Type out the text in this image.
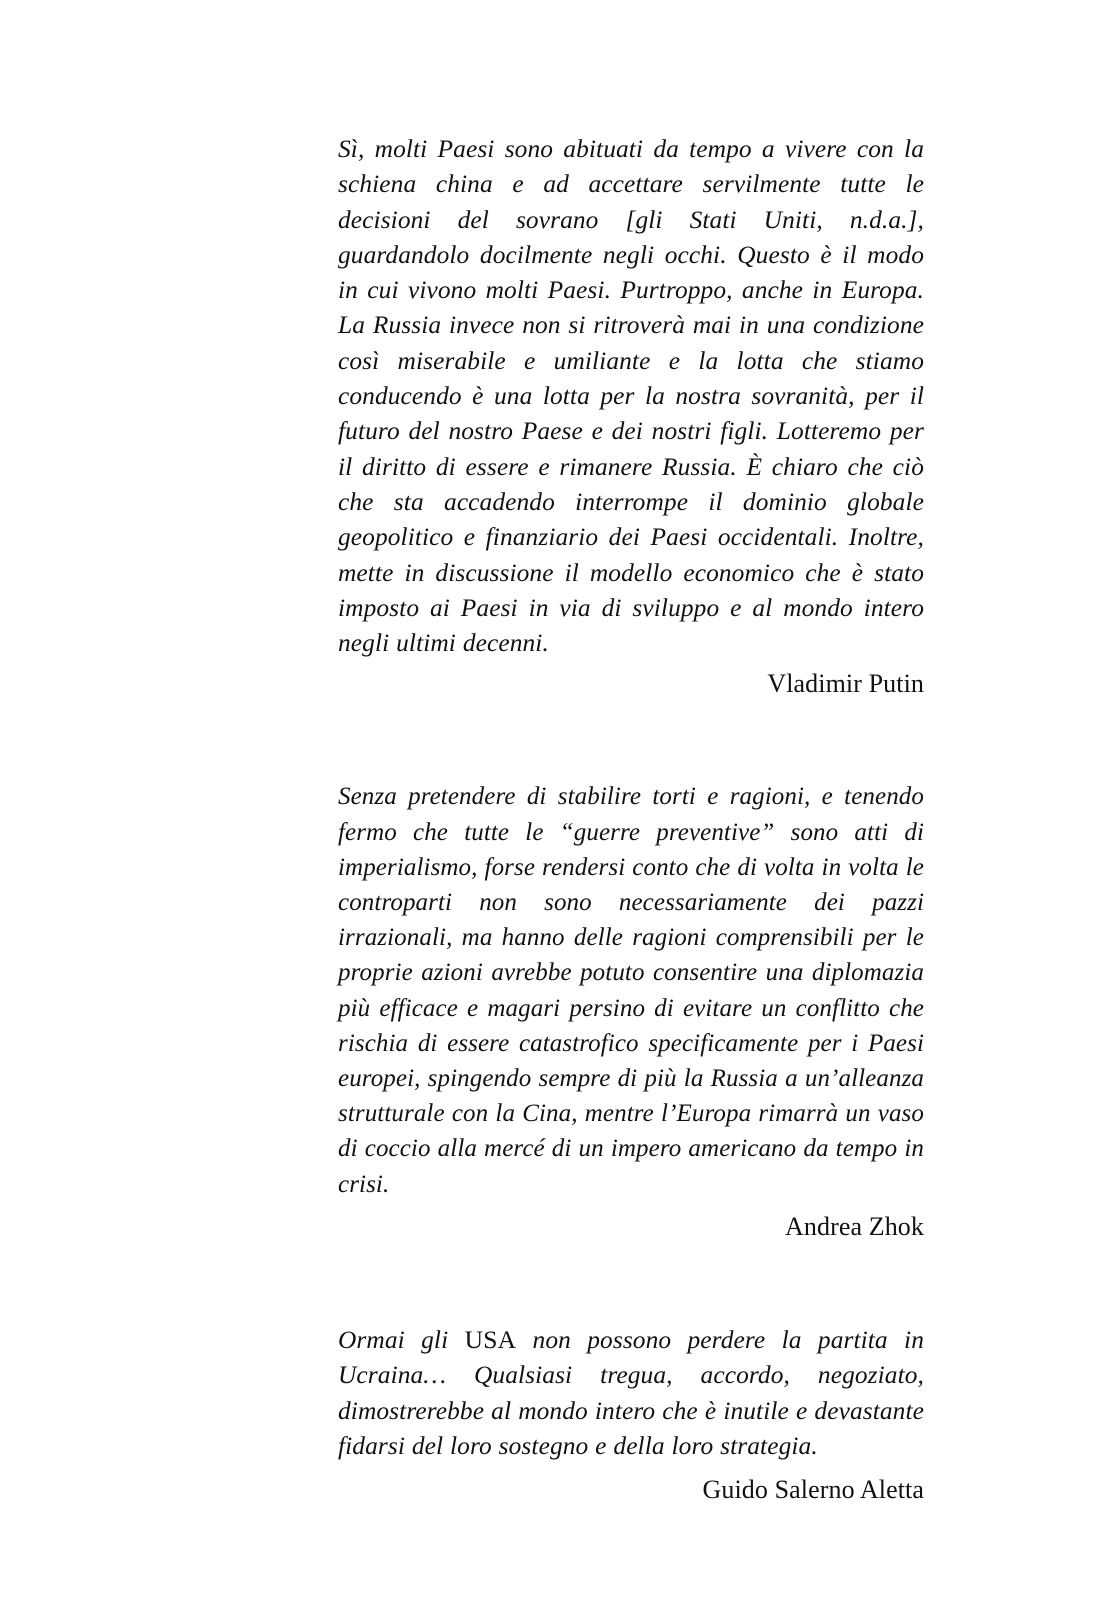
Sì, molti Paesi sono abituati da tempo a vivere con la schiena china e ad accettare servilmente tutte le decisioni del sovrano [gli Stati Uniti, n.d.a.], guardandolo docilmente negli occhi. Questo è il modo in cui vivono molti Paesi. Purtroppo, anche in Europa. La Russia invece non si ritroverà mai in una condizione così miserabile e umiliante e la lotta che stiamo conducendo è una lotta per la nostra sovranità, per il futuro del nostro Paese e dei nostri figli. Lotteremo per il diritto di essere e rimanere Russia. È chiaro che ciò che sta accadendo interrompe il dominio globale geopolitico e finanziario dei Paesi occidentali. Inoltre, mette in discussione il modello economico che è stato imposto ai Paesi in via di sviluppo e al mondo intero negli ultimi decenni.

Vladimir Putin

Senza pretendere di stabilire torti e ragioni, e tenendo fermo che tutte le “guerre preventive” sono atti di imperialismo, forse rendersi conto che di volta in volta le controparti non sono necessariamente dei pazzi irrazionali, ma hanno delle ragioni comprensibili per le proprie azioni avrebbe potuto consentire una diplomazia più efficace e magari persino di evitare un conflitto che rischia di essere catastrofico specificamente per i Paesi europei, spingendo sempre di più la Russia a un’alleanza strutturale con la Cina, mentre l’Europa rimarrà un vaso di coccio alla mercé di un impero americano da tempo in crisi.

Andrea Zhok

Ormai gli USA non possono perdere la partita in Ucraina… Qualsiasi tregua, accordo, negoziato, dimostrerebbe al mondo intero che è inutile e devastante fidarsi del loro sostegno e della loro strategia.

Guido Salerno Aletta
